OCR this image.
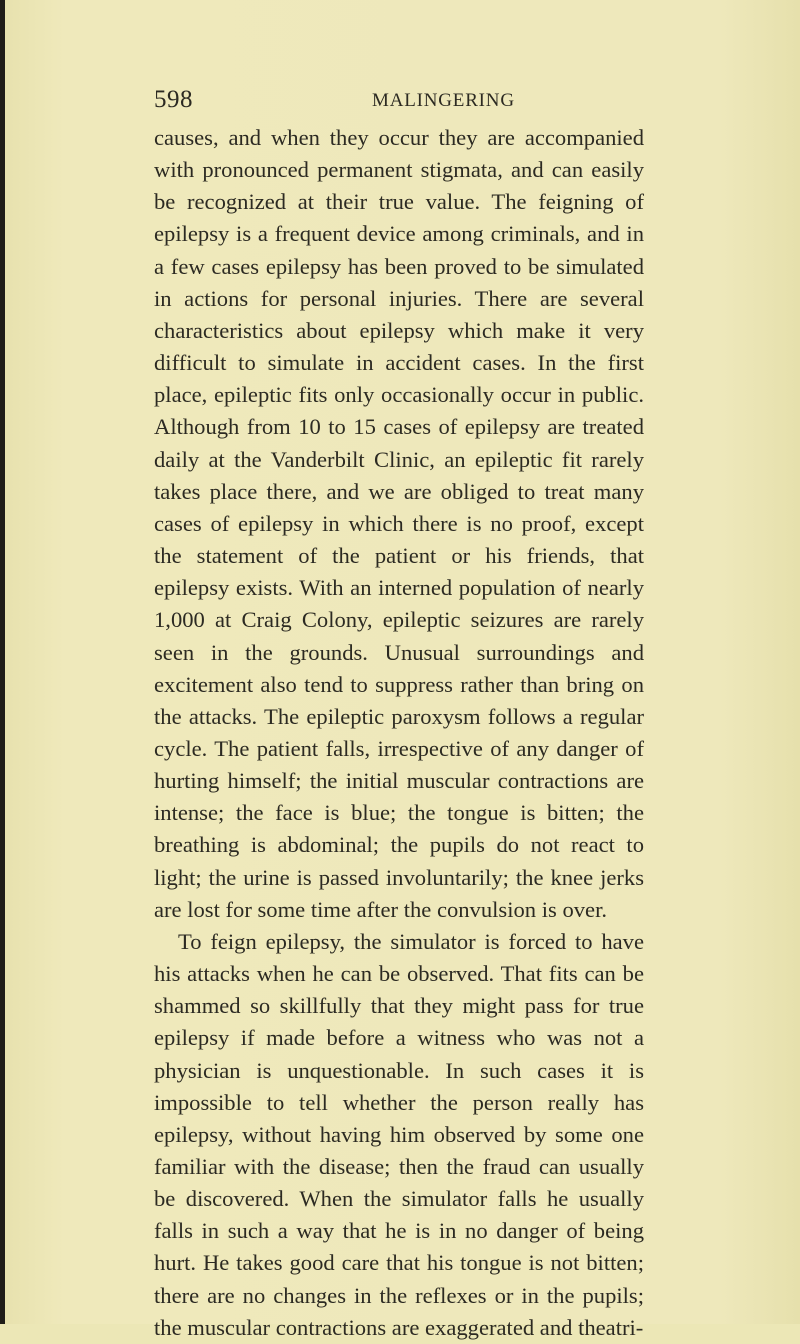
598	MALINGERING

causes, and when they occur they are accompanied with pronounced permanent stigmata, and can easily be recognized at their true value. The feigning of epilepsy is a frequent device among criminals, and in a few cases epilepsy has been proved to be simulated in actions for personal injuries. There are several characteristics about epilepsy which make it very difficult to simulate in accident cases. In the first place, epileptic fits only occasionally occur in public. Although from 10 to 15 cases of epilepsy are treated daily at the Vanderbilt Clinic, an epileptic fit rarely takes place there, and we are obliged to treat many cases of epilepsy in which there is no proof, except the statement of the patient or his friends, that epilepsy exists. With an interned population of nearly 1,000 at Craig Colony, epileptic seizures are rarely seen in the grounds. Unusual surroundings and excitement also tend to suppress rather than bring on the attacks. The epileptic paroxysm follows a regular cycle. The patient falls, irrespective of any danger of hurting himself; the initial muscular contractions are intense; the face is blue; the tongue is bitten; the breathing is abdominal; the pupils do not react to light; the urine is passed involuntarily; the knee jerks are lost for some time after the convulsion is over.

To feign epilepsy, the simulator is forced to have his attacks when he can be observed. That fits can be shammed so skillfully that they might pass for true epilepsy if made before a witness who was not a physician is unquestionable. In such cases it is impossible to tell whether the person really has epilepsy, without having him observed by some one familiar with the disease; then the fraud can usually be discovered. When the simulator falls he usually falls in such a way that he is in no danger of being hurt. He takes good care that his tongue is not bitten; there are no changes in the reflexes or in the pupils; the muscular contractions are exaggerated and theatri-
